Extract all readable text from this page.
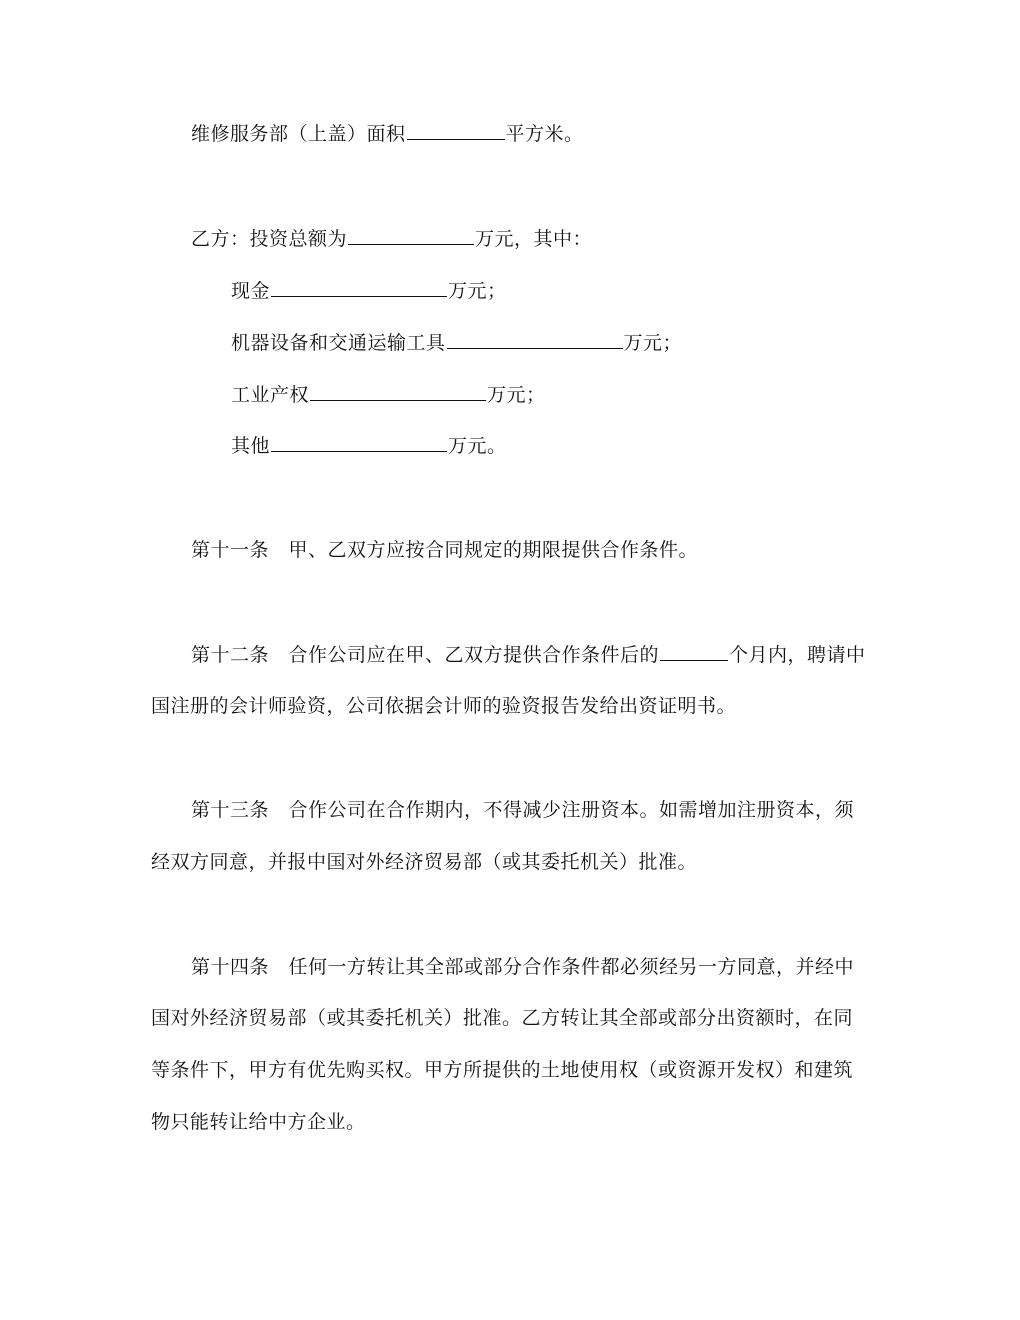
维修服务部（上盖）面积	平方米。
乙方：投资总额为	万元，其中：
现金	万元；
机器设备和交通运输工具	万元；
工业产权	万元；
其他	万元。
第十一条　甲、乙双方应按合同规定的期限提供合作条件。
第十二条　合作公司应在甲、乙双方提供合作条件后的	个月内，聘请中
国注册的会计师验资，公司依据会计师的验资报告发给出资证明书。
第十三条　合作公司在合作期内，不得减少注册资本。如需增加注册资本，须
经双方同意，并报中国对外经济贸易部（或其委托机关）批准。
第十四条　任何一方转让其全部或部分合作条件都必须经另一方同意，并经中
国对外经济贸易部（或其委托机关）批准。乙方转让其全部或部分出资额时，在同
等条件下，甲方有优先购买权。甲方所提供的土地使用权（或资源开发权）和建筑
物只能转让给中方企业。
